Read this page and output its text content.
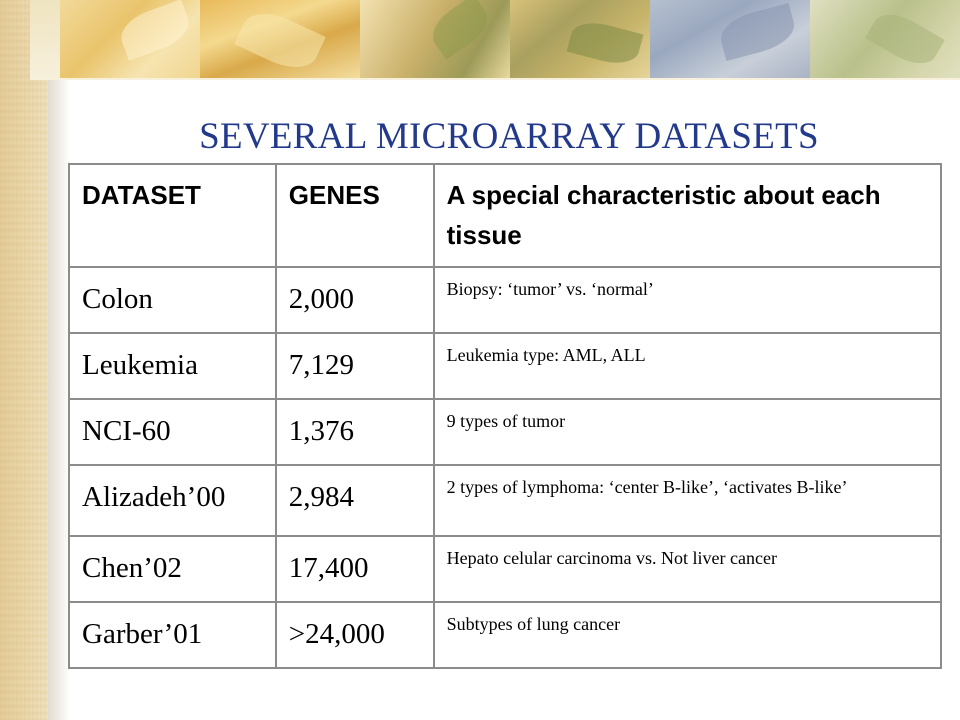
SEVERAL MICROARRAY DATASETS
DATASET	GENES	A special characteristic about each tissue

Colon	2,000	Biopsy: ‘tumor’ vs. ‘normal’

Leukemia	7,129	Leukemia type: AML, ALL

NCI-60	1,376	9 types of tumor

Alizadeh’00	2,984	2 types of lymphoma: ‘center B-like’, ‘activates B-like’

Chen’02	17,400	Hepato celular carcinoma vs. Not liver cancer

Garber’01	>24,000	Subtypes of lung cancer
